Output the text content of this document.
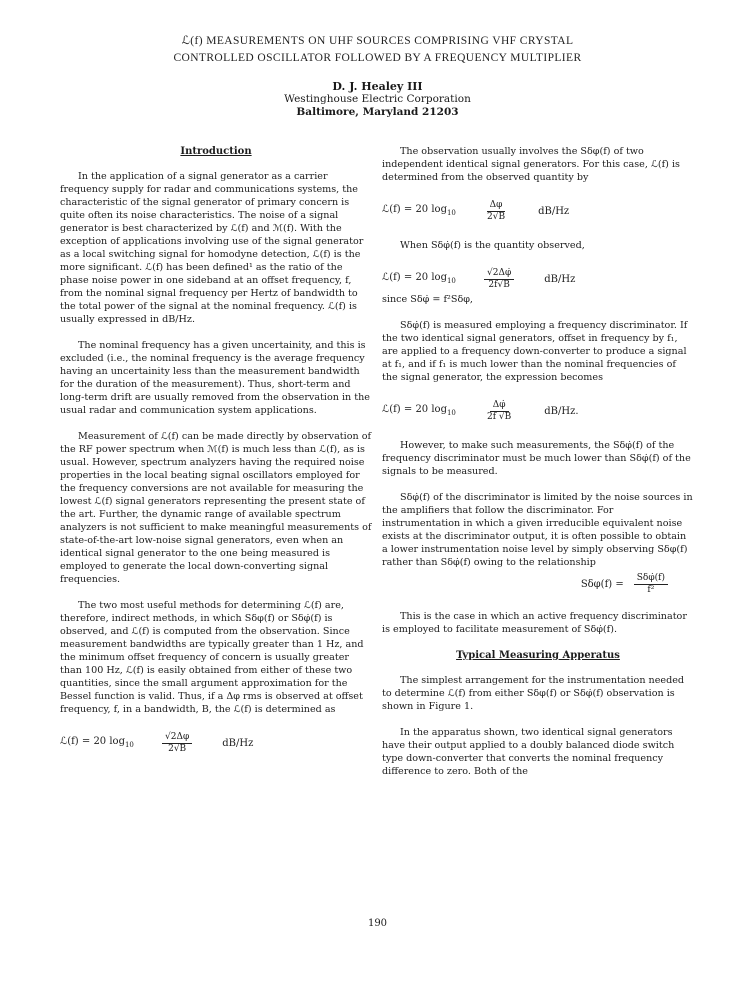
ℒ(f) MEASUREMENTS ON UHF SOURCES COMPRISING VHF CRYSTAL
CONTROLLED OSCILLATOR FOLLOWED BY A FREQUENCY MULTIPLIER
D. J. Healey III
Westinghouse Electric Corporation
Baltimore, Maryland 21203
Introduction

In the application of a signal generator as a carrier frequency supply for radar and communications systems, the characteristic of the signal generator of primary concern is quite often its noise characteristics. The noise of a signal generator is best characterized by ℒ(f) and ℳ(f). With the exception of applications involving use of the signal generator as a local switching signal for homodyne detection, ℒ(f) is the more significant. ℒ(f) has been defined¹ as the ratio of the phase noise power in one sideband at an offset frequency, f, from the nominal signal frequency per Hertz of bandwidth to the total power of the signal at the nominal frequency. ℒ(f) is usually expressed in dB/Hz.

The nominal frequency has a given uncertainity, and this is excluded (i.e., the nominal frequency is the average frequency having an uncertainity less than the measurement bandwidth for the duration of the measurement). Thus, short-term and long-term drift are usually removed from the observation in the usual radar and communication system applications.

Measurement of ℒ(f) can be made directly by observation of the RF power spectrum when ℳ(f) is much less than ℒ(f), as is usual. However, spectrum analyzers having the required noise properties in the local beating signal oscillators employed for the frequency conversions are not available for measuring the lowest ℒ(f) signal generators representing the present state of the art. Further, the dynamic range of available spectrum analyzers is not sufficient to make meaningful measurements of state-of-the-art low-noise signal generators, even when an identical signal generator to the one being measured is employed to generate the local down-converting signal frequencies.

The two most useful methods for determining ℒ(f) are, therefore, indirect methods, in which Sδφ(f) or Sδφ̇(f) is observed, and ℒ(f) is computed from the observation. Since measurement bandwidths are typically greater than 1 Hz, and the minimum offset frequency of concern is usually greater than 100 Hz, ℒ(f) is easily obtained from either of these two quantities, since the small argument approximation for the Bessel function is valid. Thus, if a Δφ rms is observed at offset frequency, f, in a bandwidth, B, the ℒ(f) is determined as

ℒ(f) = 20 $\log_{10}$	$\frac{√2\Delta\varphi}{2√B}$	dB/Hz

The observation usually involves the Sδφ(f) of two independent identical signal generators. For this case, ℒ(f) is determined from the observed quantity by

ℒ(f) = 20 $\log_{10}$	$\frac{\Delta\varphi}{2√B}$	dB/Hz

When Sδφ̇(f) is the quantity observed,

ℒ(f) = 20 $\log_{10}$	$\frac{√2\Delta\varphi̇}{2f√B}$	dB/Hz

since Sδφ̇ = f²Sδφ,

Sδφ̇(f) is measured employing a frequency discriminator. If the two identical signal generators, offset in frequency by f₁, are applied to a frequency down-converter to produce a signal at f₁, and if f₁ is much lower than the nominal frequencies of the signal generator, the expression becomes

ℒ(f) = 20 $\log_{10}$	$\frac{\Delta\varphi̇}{2f √B}$	dB/Hz.

However, to make such measurements, the Sδφ̇(f) of the frequency discriminator must be much lower than Sδφ̇(f) of the signals to be measured.

Sδφ̇(f) of the discriminator is limited by the noise sources in the amplifiers that follow the discriminator. For instrumentation in which a given irreducible equivalent noise exists at the discriminator output, it is often possible to obtain a lower instrumentation noise level by simply observing Sδφ(f) rather than Sδφ̇(f) owing to the relationship

$S\delta\varphi(f) = \frac{\text{Sδφ̇(f)}}{\text{f²}}$

This is the case in which an active frequency discriminator is employed to facilitate measurement of Sδφ̇(f).

Typical Measuring Apperatus

The simplest arrangement for the instrumentation needed to determine ℒ(f) from either Sδφ(f) or Sδφ̇(f) observation is shown in Figure 1.

In the apparatus shown, two identical signal generators have their output applied to a doubly balanced diode switch type down-converter that converts the nominal frequency difference to zero. Both of the

190
